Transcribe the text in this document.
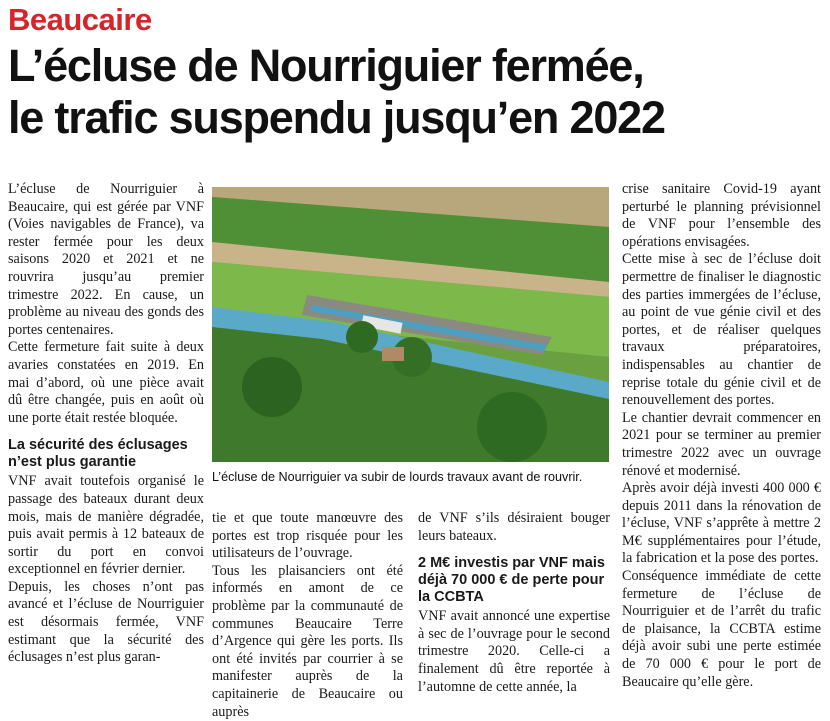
Beaucaire
L’écluse de Nourriguier fermée,
le trafic suspendu jusqu’en 2022

L’écluse de Nourriguier à Beaucaire, qui est gérée par VNF (Voies navigables de France), va rester fermée pour les deux saisons 2020 et 2021 et ne rouvrira jusqu’au premier trimestre 2022. En cause, un problème au niveau des gonds des portes centenaires.

Cette fermeture fait suite à deux avaries constatées en 2019. En mai d’abord, où une pièce avait dû être changée, puis en août où une porte était restée bloquée.

La sécurité des éclusages n’est plus garantie

VNF avait toutefois organisé le passage des bateaux durant deux mois, mais de manière dégradée, puis avait permis à 12 bateaux de sortir du port en convoi exceptionnel en février dernier.

Depuis, les choses n’ont pas avancé et l’écluse de Nourriguier est désormais fermée, VNF estimant que la sécurité des éclusages n’est plus garan-

L’écluse de Nourriguier va subir de lourds travaux avant de rouvrir.

tie et que toute manœuvre des portes est trop risquée pour les utilisateurs de l’ouvrage.

Tous les plaisanciers ont été informés en amont de ce problème par la communauté de communes Beaucaire Terre d’Argence qui gère les ports. Ils ont été invités par courrier à se manifester auprès de la capitainerie de Beaucaire ou auprès

de VNF s’ils désiraient bouger leurs bateaux.

2 M€ investis par VNF mais déjà 70 000 € de perte pour la CCBTA

VNF avait annoncé une expertise à sec de l’ouvrage pour le second trimestre 2020. Celle-ci a finalement dû être reportée à l’automne de cette année, la

crise sanitaire Covid-19 ayant perturbé le planning prévisionnel de VNF pour l’ensemble des opérations envisagées.

Cette mise à sec de l’écluse doit permettre de finaliser le diagnostic des parties immergées de l’écluse, au point de vue génie civil et des portes, et de réaliser quelques travaux préparatoires, indispensables au chantier de reprise totale du génie civil et de renouvellement des portes.

Le chantier devrait commencer en 2021 pour se terminer au premier trimestre 2022 avec un ouvrage rénové et modernisé.

Après avoir déjà investi 400 000 € depuis 2011 dans la rénovation de l’écluse, VNF s’apprête à mettre 2 M€ supplémentaires pour l’étude, la fabrication et la pose des portes.

Conséquence immédiate de cette fermeture de l’écluse de Nourriguier et de l’arrêt du trafic de plaisance, la CCBTA estime déjà avoir subi une perte estimée de 70 000 € pour le port de Beaucaire qu’elle gère.
